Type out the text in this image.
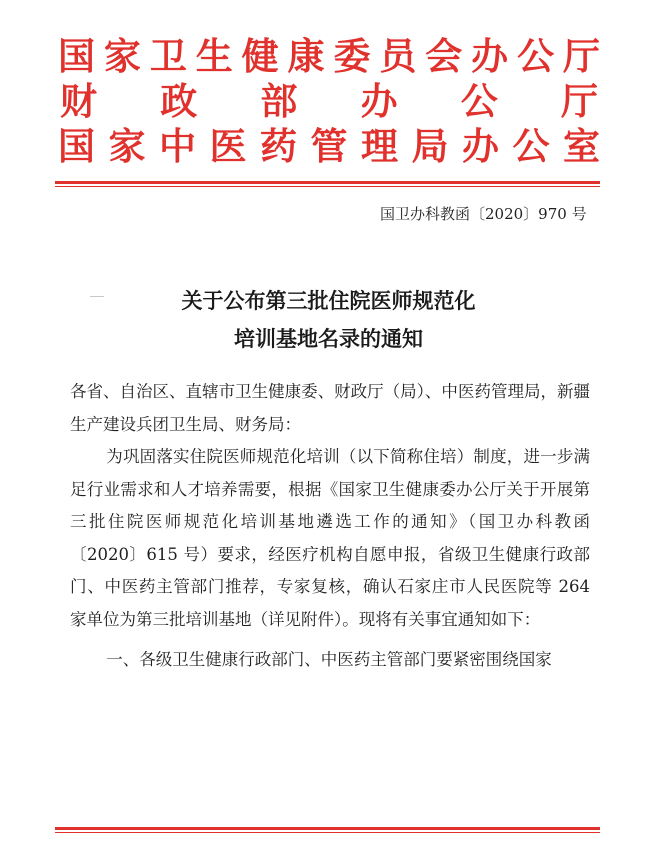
国 家 卫 生 健 康 委 员 会 办 公 厅
财 政 部 办 公 厅
国 家 中 医 药 管 理 局 办 公 室
国卫办科教函〔2020〕970 号
关于公布第三批住院医师规范化
培训基地名录的通知

各省、自治区、直辖市卫生健康委、财政厅（局）、中医药管理局，新疆生产建设兵团卫生局、财务局：

为巩固落实住院医师规范化培训（以下简称住培）制度，进一步满足行业需求和人才培养需要，根据《国家卫生健康委办公厅关于开展第三批住院医师规范化培训基地遴选工作的通知》（国卫办科教函〔2020〕615 号）要求，经医疗机构自愿申报，省级卫生健康行政部门、中医药主管部门推荐，专家复核，确认石家庄市人民医院等 264 家单位为第三批培训基地（详见附件）。现将有关事宜通知如下：

一、各级卫生健康行政部门、中医药主管部门要紧密围绕国家
